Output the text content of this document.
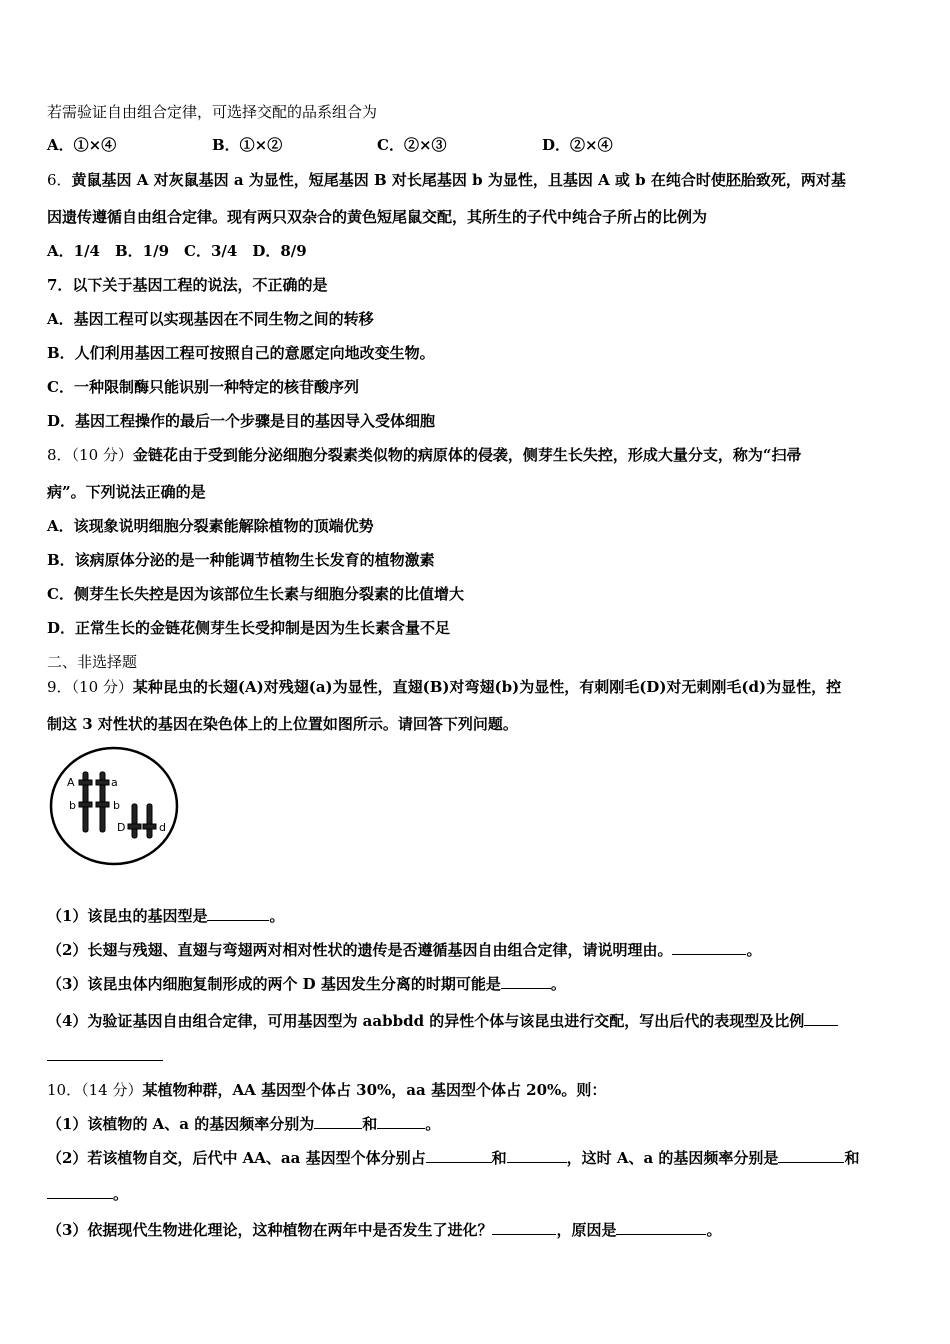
若需验证自由组合定律，可选择交配的品系组合为
A．①×④	B．①×②	C．②×③	D．②×④
6．黄鼠基因 A 对灰鼠基因 a 为显性，短尾基因 B 对长尾基因 b 为显性，且基因 A 或 b 在纯合时使胚胎致死，两对基
因遗传遵循自由组合定律。现有两只双杂合的黄色短尾鼠交配，其所生的子代中纯合子所占的比例为
A．1/4　B．1/9　C．3/4　D．8/9
7．以下关于基因工程的说法，不正确的是
A．基因工程可以实现基因在不同生物之间的转移
B．人们利用基因工程可按照自己的意愿定向地改变生物。
C．一种限制酶只能识别一种特定的核苷酸序列
D．基因工程操作的最后一个步骤是目的基因导入受体细胞
8．（10 分）金链花由于受到能分泌细胞分裂素类似物的病原体的侵袭，侧芽生长失控，形成大量分支，称为“扫帚
病”。下列说法正确的是
A．该现象说明细胞分裂素能解除植物的顶端优势
B．该病原体分泌的是一种能调节植物生长发育的植物激素
C．侧芽生长失控是因为该部位生长素与细胞分裂素的比值增大
D．正常生长的金链花侧芽生长受抑制是因为生长素含量不足
二、非选择题
9．（10 分）某种昆虫的长翅(A)对残翅(a)为显性，直翅(B)对弯翅(b)为显性，有刺刚毛(D)对无刺刚毛(d)为显性，控
制这 3 对性状的基因在染色体上的上位置如图所示。请回答下列问题。
A	a
b	b
D	d
（1）该昆虫的基因型是	。
（2）长翅与残翅、直翅与弯翅两对相对性状的遗传是否遵循基因自由组合定律，请说明理由。	。
（3）该昆虫体内细胞复制形成的两个 D 基因发生分离的时期可能是	。
（4）为验证基因自由组合定律，可用基因型为 aabbdd 的异性个体与该昆虫进行交配，写出后代的表现型及比例
10．（14 分）某植物种群，AA 基因型个体占 30%，aa 基因型个体占 20%。则：
（1）该植物的 A、a 的基因频率分别为	和	。
（2）若该植物自交，后代中 AA、aa 基因型个体分别占	和	，这时 A、a 的基因频率分别是	和
。
（3）依据现代生物进化理论，这种植物在两年中是否发生了进化？	，原因是	。
